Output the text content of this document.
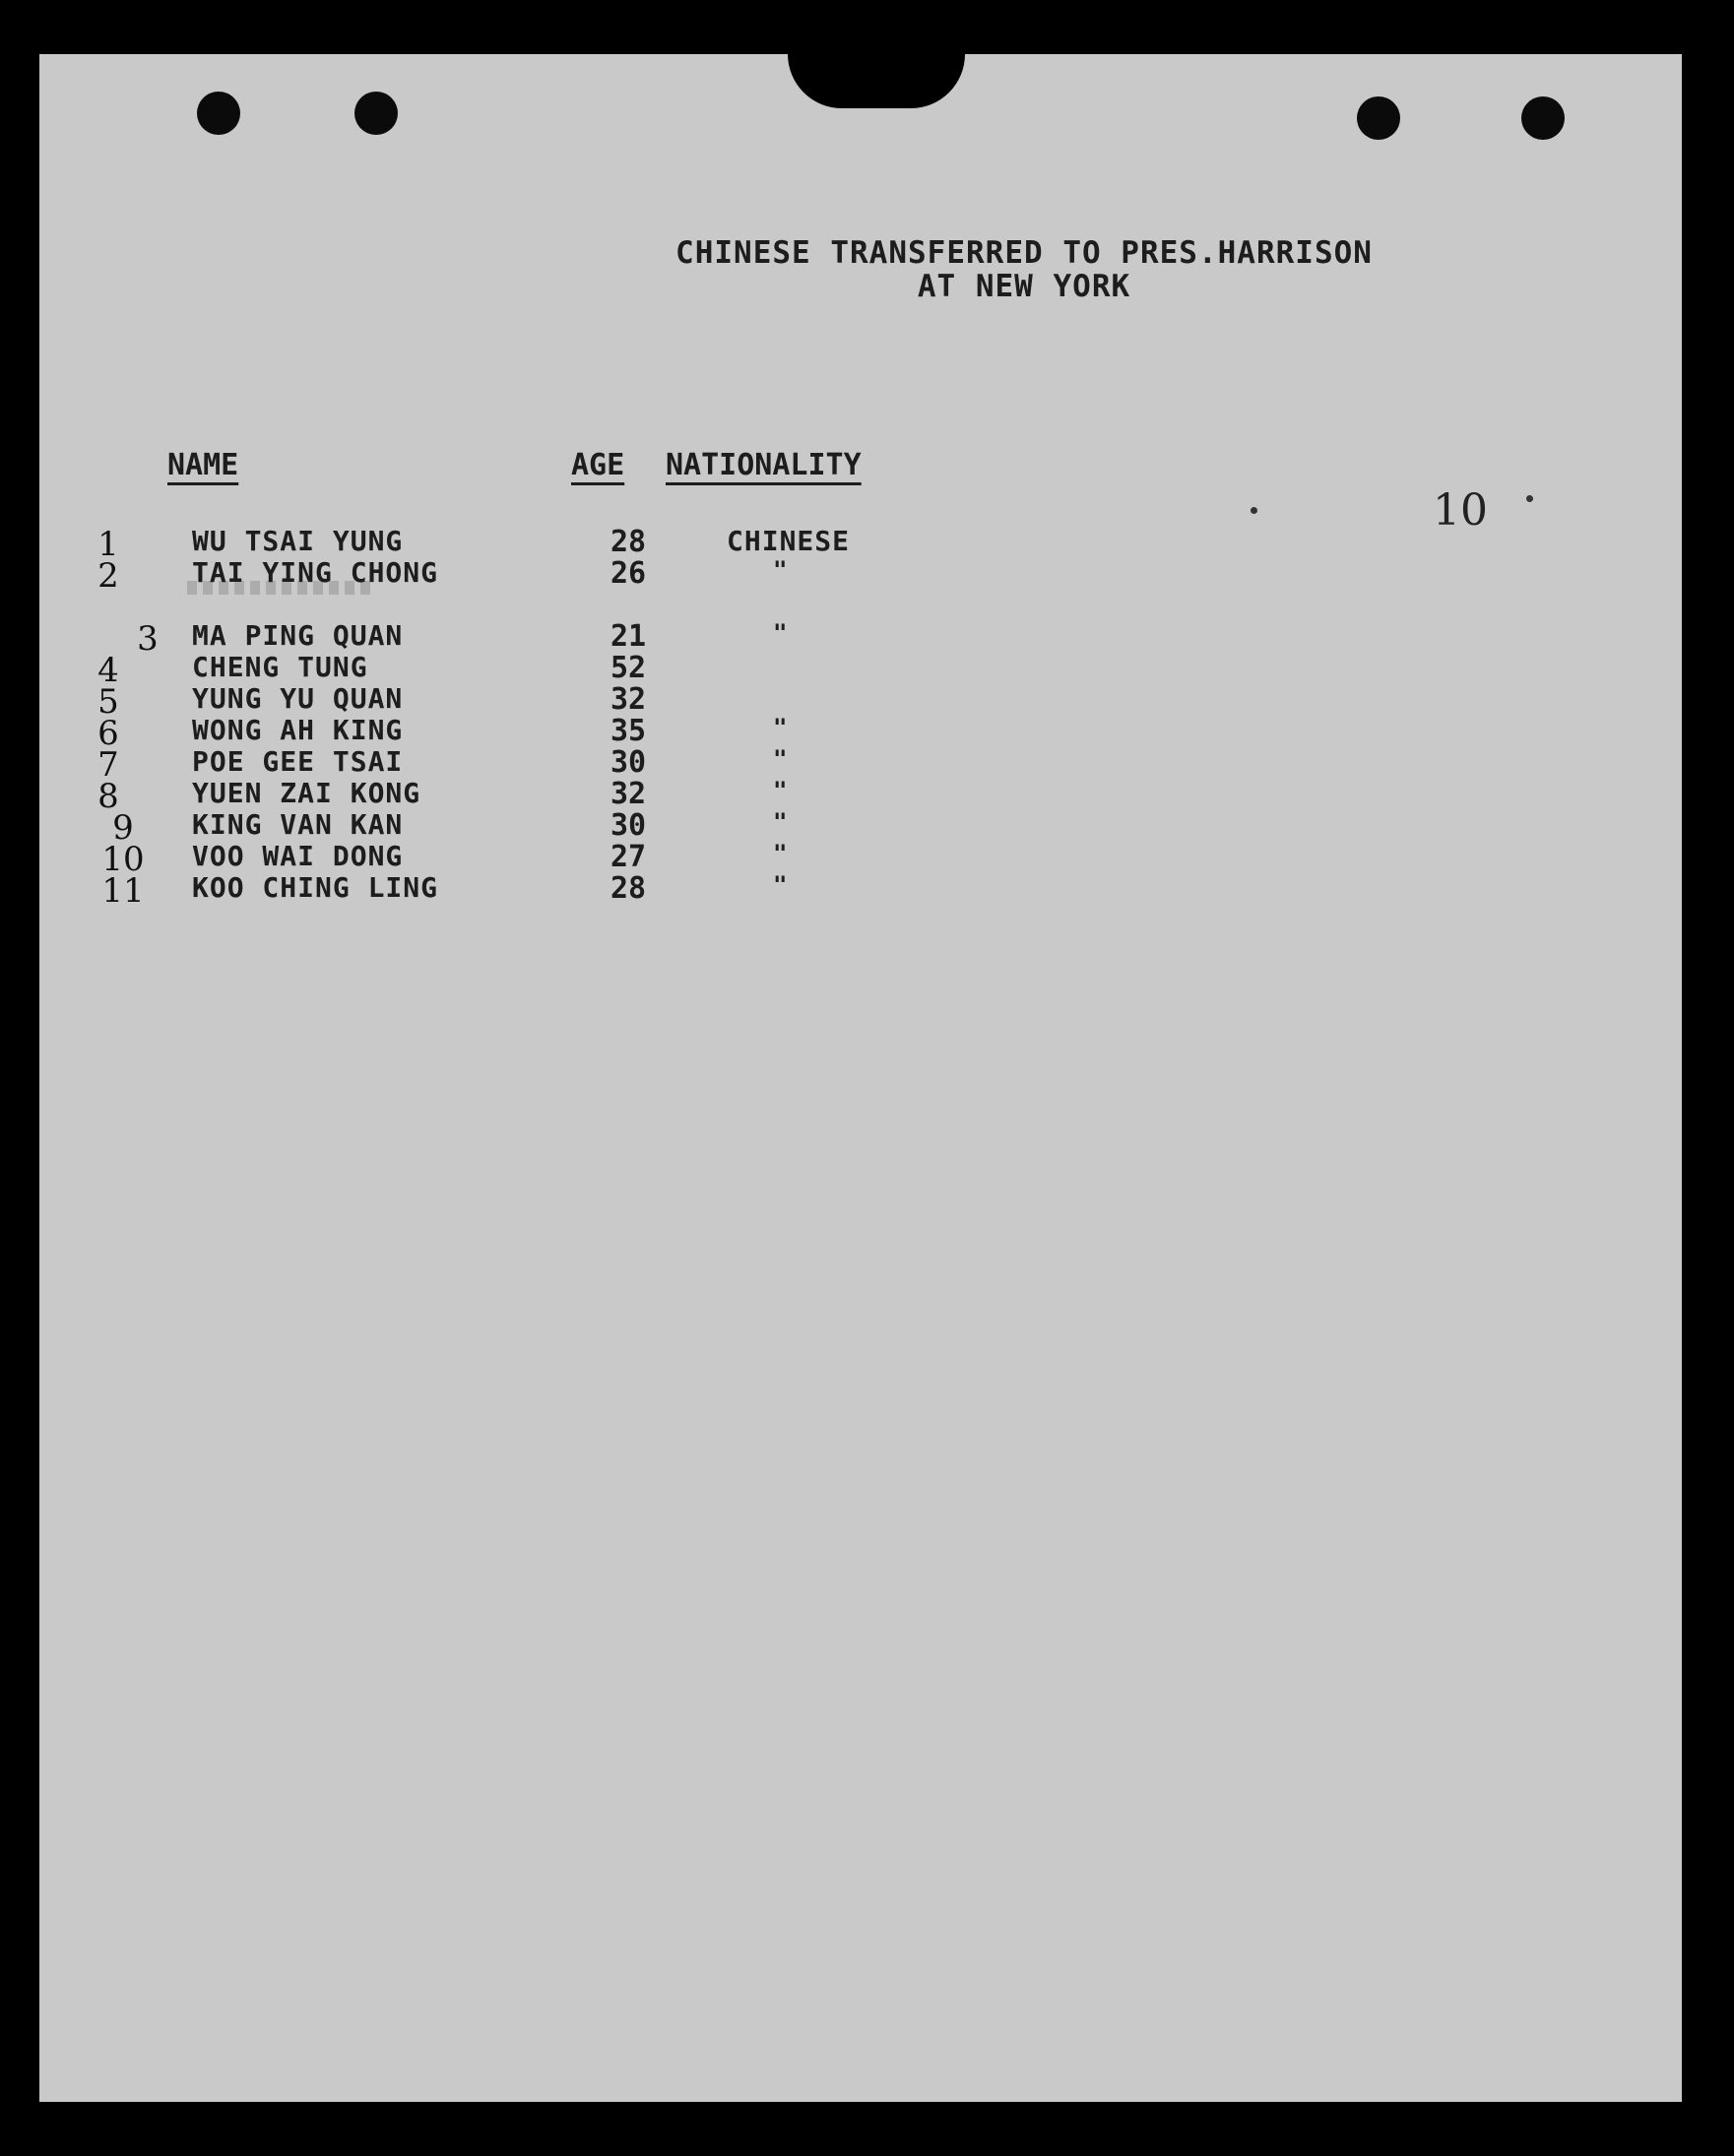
CHINESE TRANSFERRED TO PRES.HARRISON
AT NEW YORK
NAME	AGE NATIONALITY
10
1	WU TSAI YUNG	28	CHINESE
2	TAI YING CHONG	26	"
3	MA PING QUAN	21	"
4	CHENG TUNG	52
5	YUNG YU QUAN	32
6	WONG AH KING	35	"
7	POE GEE TSAI	30	"
8	YUEN ZAI KONG	32	"
9	KING VAN KAN	30	"
10 VOO WAI DONG	27	"
11 KOO CHING LING	28	"
